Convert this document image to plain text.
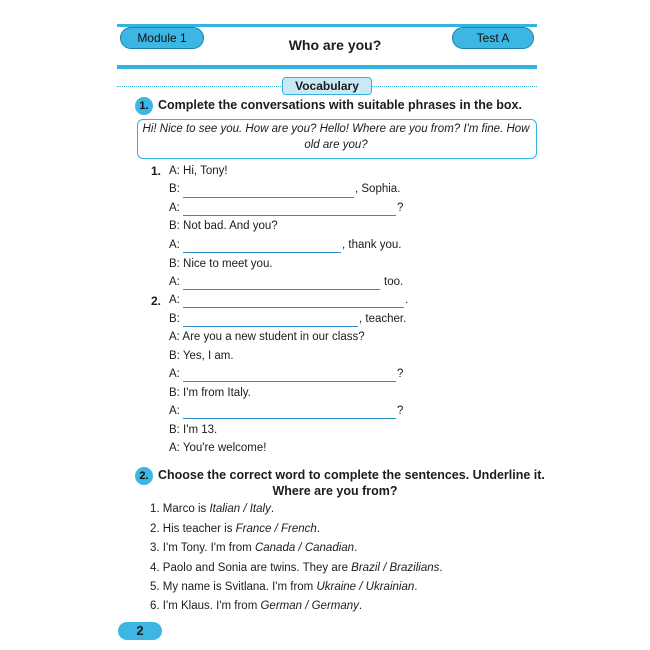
Module 1	Test A
Who are you?
Vocabulary
1. Complete the conversations with suitable phrases in the box.
Hi! Nice to see you. How are you? Hello! Where are you from? I'm fine. How old are you?
1. A: Hi, Tony!
B:	, Sophia.
A:	?
B: Not bad. And you?
A:	, thank you.
B: Nice to meet you.
A:	too.
2. A:	.
B:	, teacher.
A: Are you a new student in our class?
B: Yes, I am.
A:	?
B: I'm from Italy.
A:	?
B: I'm 13.
A: You're welcome!
2. Choose the correct word to complete the sentences. Underline it.
Where are you from?
1. Marco is Italian / Italy.
2. His teacher is France / French.
3. I'm Tony. I'm from Canada / Canadian.
4. Paolo and Sonia are twins. They are Brazil / Brazilians.
5. My name is Svitlana. I'm from Ukraine / Ukrainian.
6. I'm Klaus. I'm from German / Germany.
2
